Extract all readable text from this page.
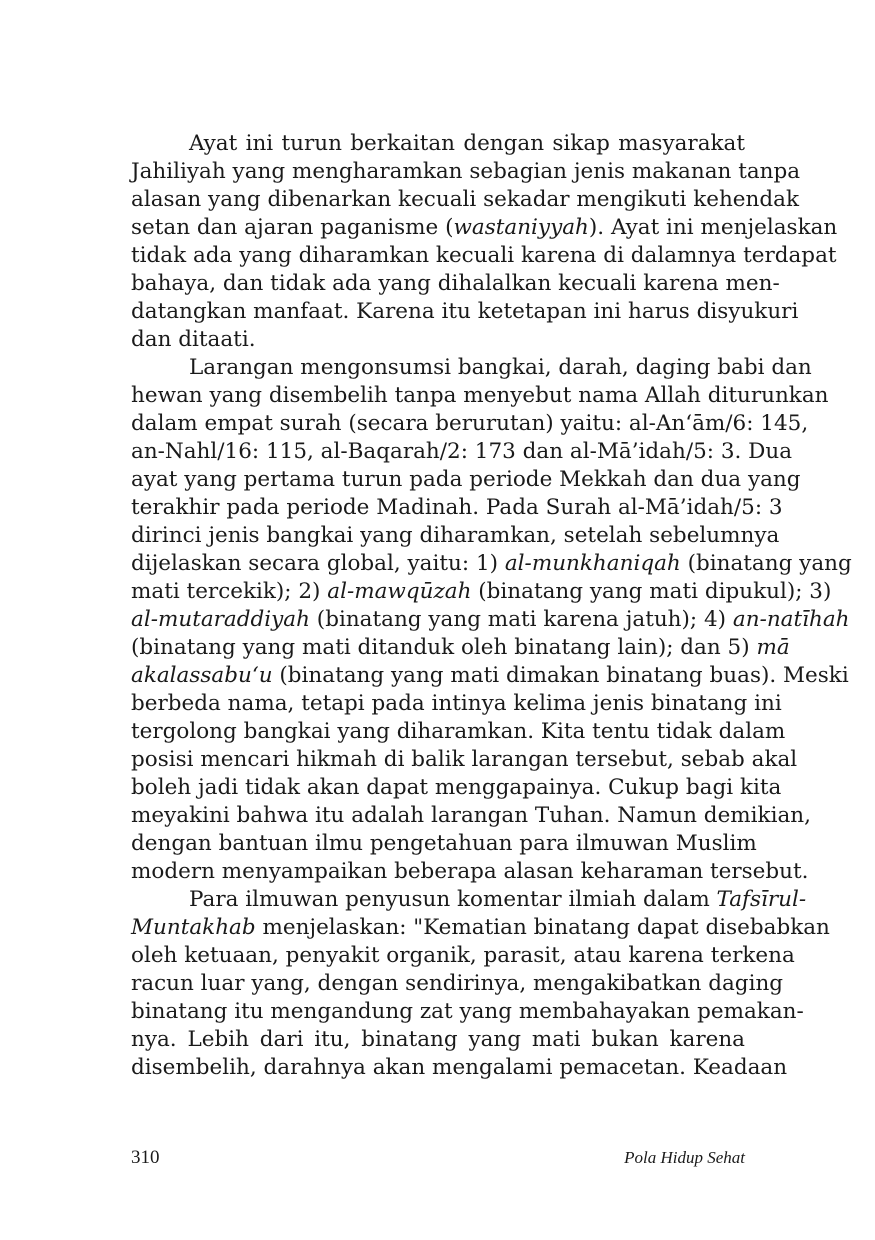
Ayat ini turun berkaitan dengan sikap masyarakat
Jahiliyah yang mengharamkan sebagian jenis makanan tanpa
alasan yang dibenarkan kecuali sekadar mengikuti kehendak
setan dan ajaran paganisme (wastaniyyah). Ayat ini menjelaskan
tidak ada yang diharamkan kecuali karena di dalamnya terdapat
bahaya, dan tidak ada yang dihalalkan kecuali karena men-
datangkan manfaat. Karena itu ketetapan ini harus disyukuri
dan ditaati.
Larangan mengonsumsi bangkai, darah, daging babi dan
hewan yang disembelih tanpa menyebut nama Allah diturunkan
dalam empat surah (secara berurutan) yaitu: al-An‘ām/6: 145,
an-Nahl/16: 115, al-Baqarah/2: 173 dan al-Mā’idah/5: 3. Dua
ayat yang pertama turun pada periode Mekkah dan dua yang
terakhir pada periode Madinah. Pada Surah al-Mā’idah/5: 3
dirinci jenis bangkai yang diharamkan, setelah sebelumnya
dijelaskan secara global, yaitu: 1) al-munkhaniqah (binatang yang
mati tercekik); 2) al-mawqūzah (binatang yang mati dipukul); 3)
al-mutaraddiyah (binatang yang mati karena jatuh); 4) an-natīhah
(binatang yang mati ditanduk oleh binatang lain); dan 5) mā
akalassabu‘u (binatang yang mati dimakan binatang buas). Meski
berbeda nama, tetapi pada intinya kelima jenis binatang ini
tergolong bangkai yang diharamkan. Kita tentu tidak dalam
posisi mencari hikmah di balik larangan tersebut, sebab akal
boleh jadi tidak akan dapat menggapainya. Cukup bagi kita
meyakini bahwa itu adalah larangan Tuhan. Namun demikian,
dengan bantuan ilmu pengetahuan para ilmuwan Muslim
modern menyampaikan beberapa alasan keharaman tersebut.
Para ilmuwan penyusun komentar ilmiah dalam Tafsīrul-
Muntakhab menjelaskan: "Kematian binatang dapat disebabkan
oleh ketuaan, penyakit organik, parasit, atau karena terkena
racun luar yang, dengan sendirinya, mengakibatkan daging
binatang itu mengandung zat yang membahayakan pemakan-
nya. Lebih dari itu, binatang yang mati bukan karena
disembelih, darahnya akan mengalami pemacetan. Keadaan
310	Pola Hidup Sehat
